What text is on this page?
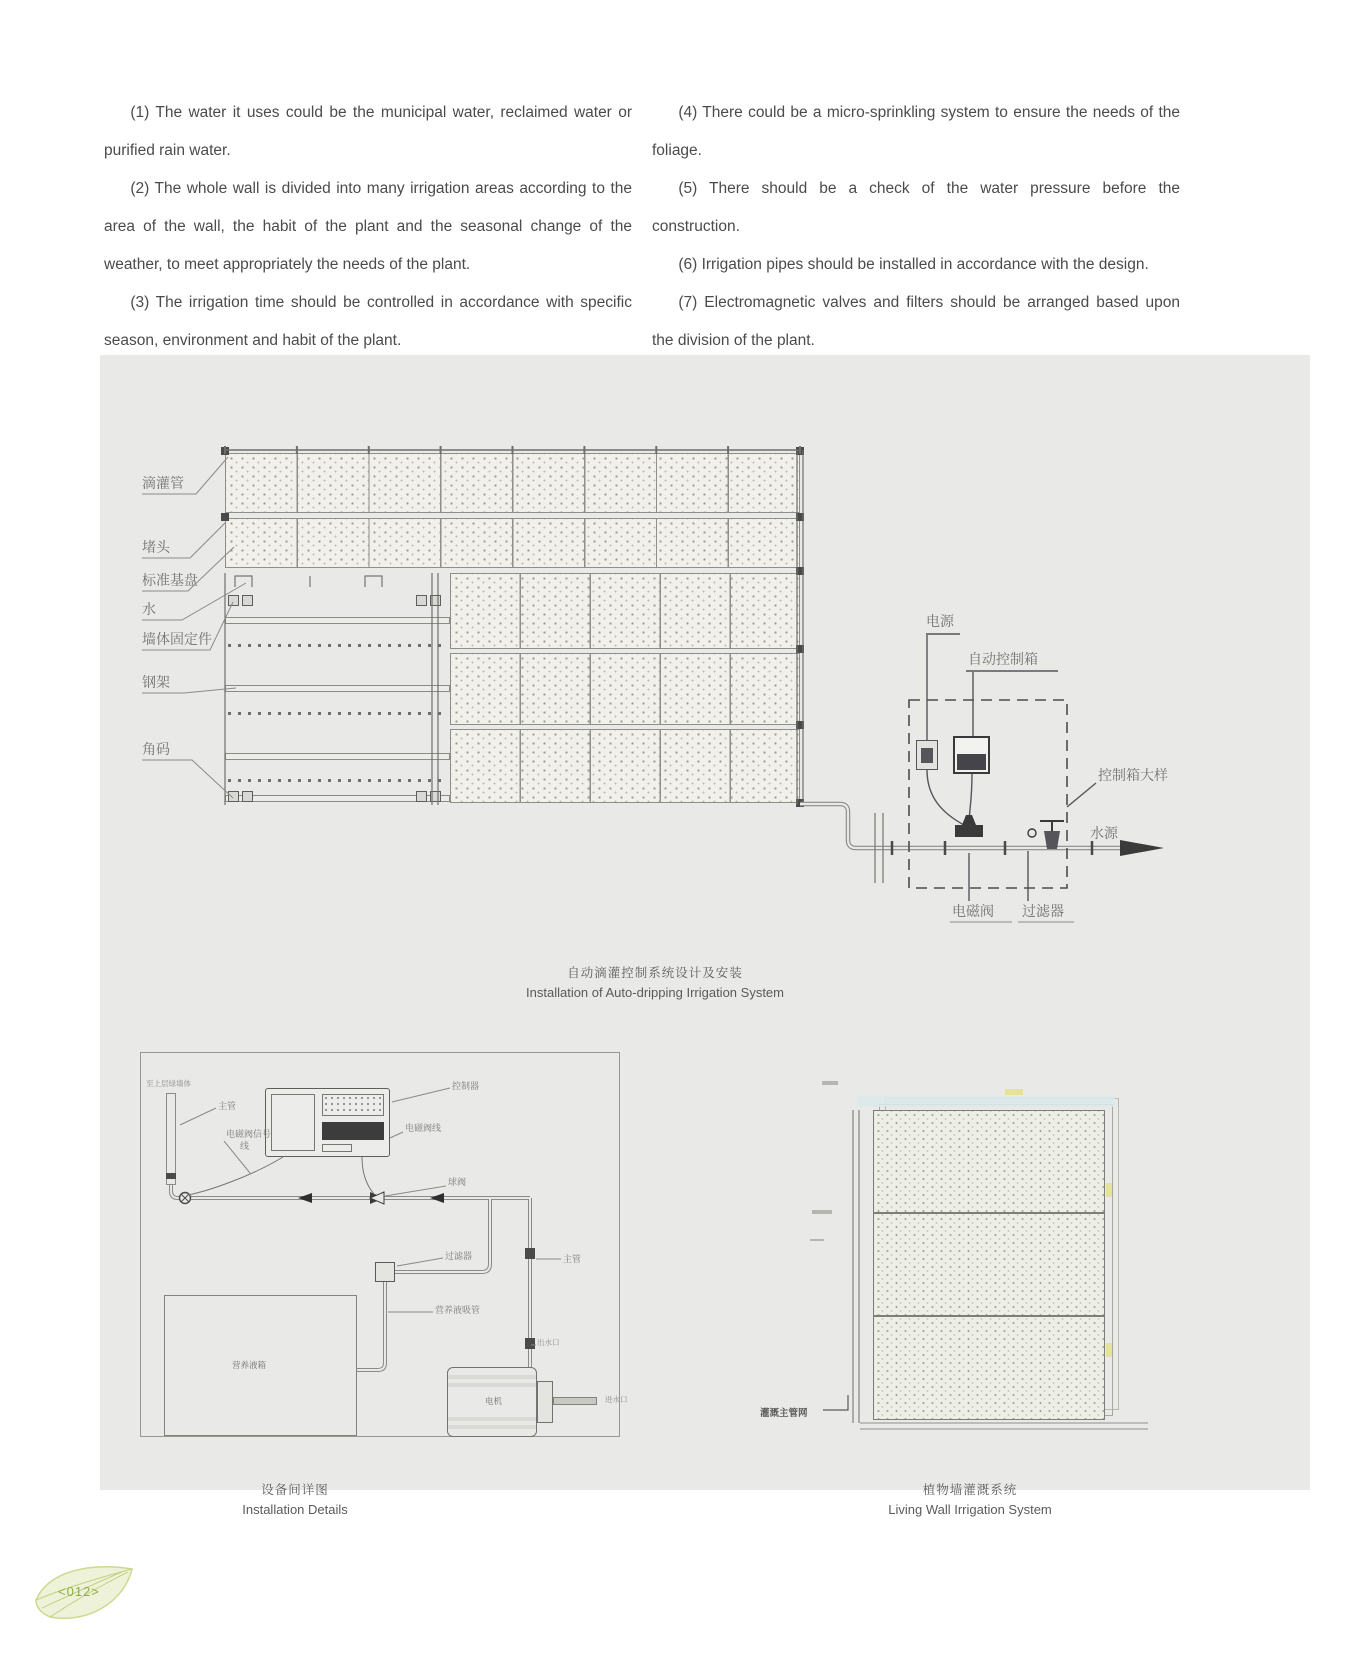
(1) The water it uses could be the municipal water, reclaimed water or purified rain water.

(2) The whole wall is divided into many irrigation areas according to the area of the wall, the habit of the plant and the seasonal change of the weather, to meet appropriately the needs of the plant.

(3) The irrigation time should be controlled in accordance with specific season, environment and habit of the plant.

(4) There could be a micro-sprinkling system to ensure the needs of the foliage.

(5) There should be a check of the water pressure before the construction.

(6) Irrigation pipes should be installed in accordance with the design.

(7) Electromagnetic valves and filters should be arranged based upon the division of the plant.

滴灌管
堵头
标准基盘
水
墙体固定件
钢架
角码
电源
自动控制箱
控制箱大样
水源
电磁阀 过滤器
营养液箱
电机
至上层绿墙体
主管
电磁阀信号
线
电磁阀线
控制器
球阀
过滤器	主管
营养液吸管
出水口
进水口
灌溉主管网
自动滴灌控制系统设计及安装
Installation of Auto-dripping Irrigation System
设备间详图
Installation Details
植物墙灌溉系统
Living Wall Irrigation System
<012>
